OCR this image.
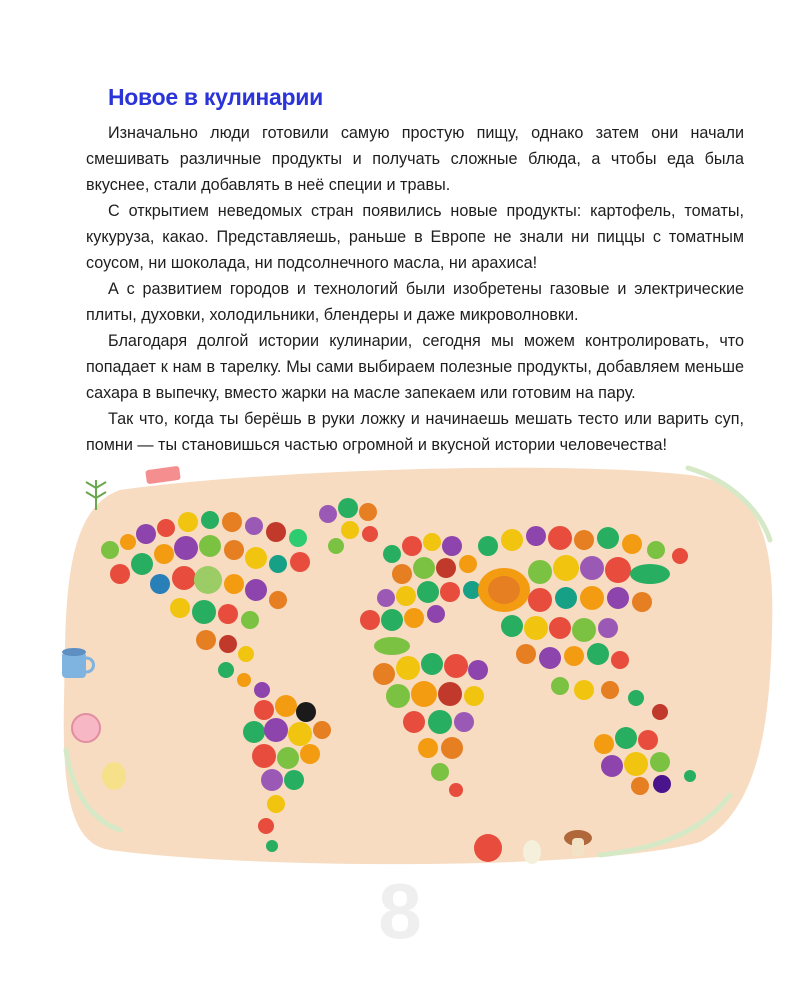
Новое в кулинарии

Изначально люди готовили самую простую пищу, однако затем они начали смешивать различные продукты и получать сложные блюда, а чтобы еда была вкуснее, стали добавлять в неё специи и травы.

С открытием неведомых стран появились новые продукты: картофель, томаты, кукуруза, какао. Представляешь, раньше в Европе не знали ни пиццы с томатным соусом, ни шоколада, ни подсолнечного масла, ни арахиса!

А с развитием городов и технологий были изобретены газовые и электрические плиты, духовки, холодильники, блендеры и даже микроволновки.

Благодаря долгой истории кулинарии, сегодня мы можем контролировать, что попадает к нам в тарелку. Мы сами выбираем полезные продукты, добавляем меньше сахара в выпечку, вместо жарки на масле запекаем или готовим на пару.

Так что, когда ты берёшь в руки ложку и начинаешь мешать тесто или варить суп, помни — ты становишься частью огромной и вкусной истории человечества!

8
